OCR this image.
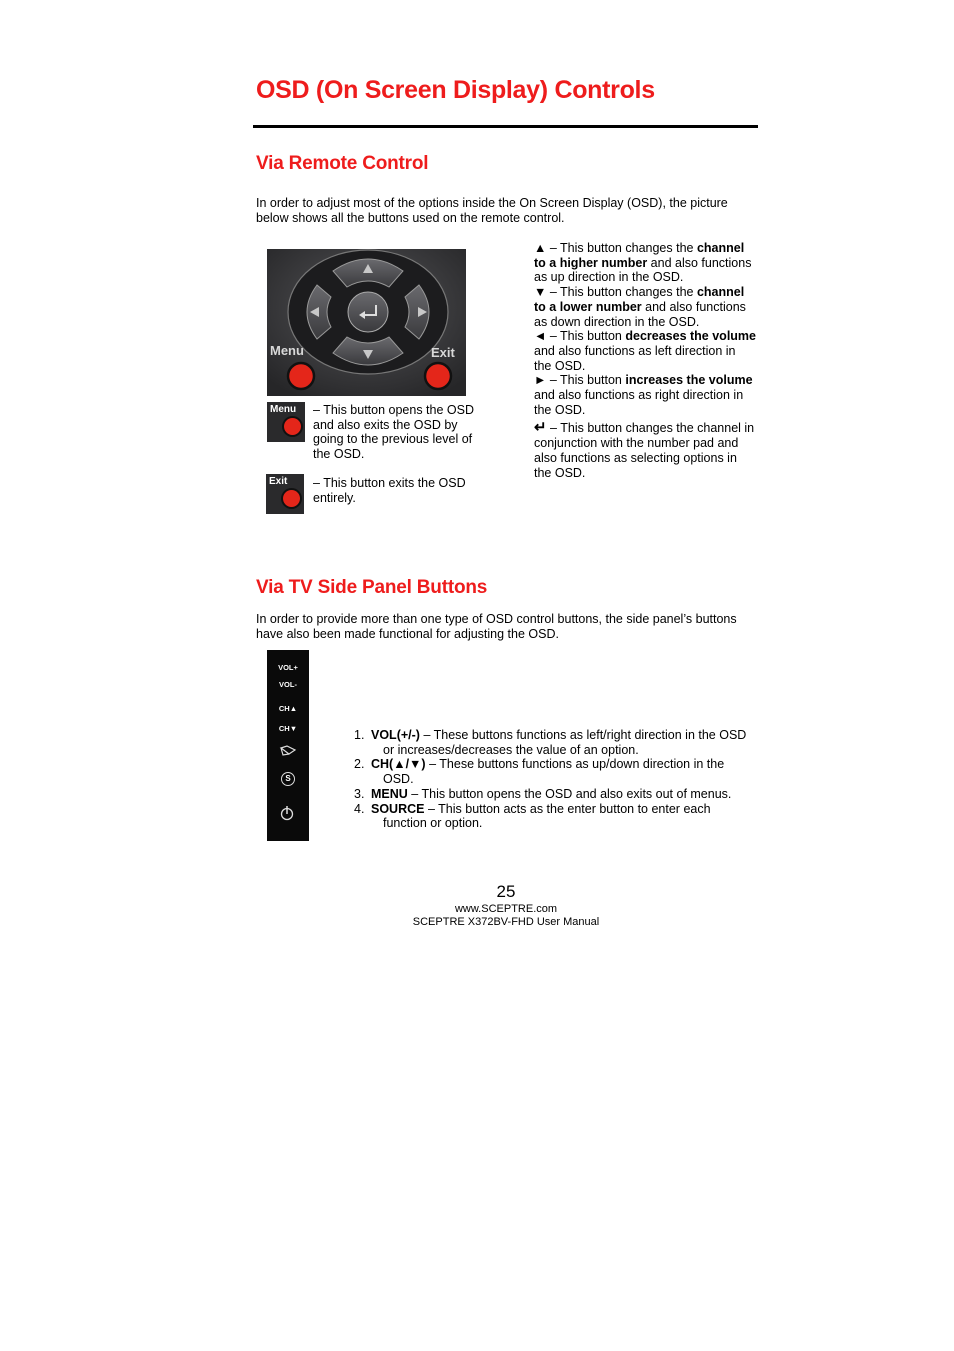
OSD (On Screen Display) Controls
Via Remote Control
In order to adjust most of the options inside the On Screen Display (OSD), the picture below shows all the buttons used on the remote control.
Menu	Exit
Menu – This button opens the OSD and also exits the OSD by going to the previous level of the OSD.
Exit – This button exits the OSD entirely.
▲ – This button changes the channel to a higher number and also functions as up direction in the OSD.
▼ – This button changes the channel to a lower number and also functions as down direction in the OSD.
◄ – This button decreases the volume and also functions as left direction in the OSD.
► – This button increases the volume and also functions as right direction in the OSD.
↵ – This button changes the channel in conjunction with the number pad and also functions as selecting options in the OSD.
Via TV Side Panel Buttons
In order to provide more than one type of OSD control buttons, the side panel’s buttons have also been made functional for adjusting the OSD.
VOL+
VOL-
CH▲
CH▼
S
1. VOL(+/-) – These buttons functions as left/right direction in the OSD or increases/decreases the value of an option.
2. CH(▲/▼) – These buttons functions as up/down direction in the OSD.
3. MENU – This button opens the OSD and also exits out of menus.
4. SOURCE – This button acts as the enter button to enter each function or option.
25
www.SCEPTRE.com
SCEPTRE X372BV-FHD User Manual
